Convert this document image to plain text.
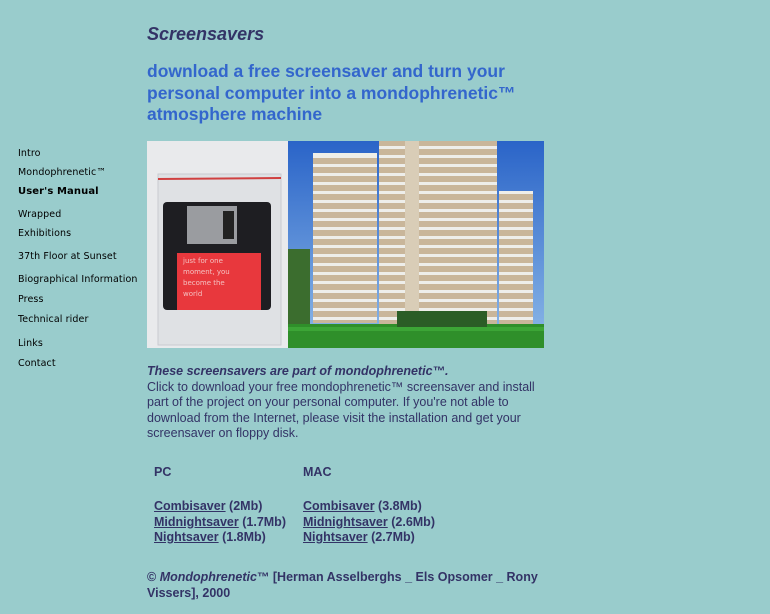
Intro
Mondophrenetic™
User's Manual
Wrapped
Exhibitions
37th Floor at Sunset
Biographical Information
Press
Technical rider
Links
Contact
Screensavers
download a free screensaver and turn your personal computer into a mondophrenetic™ atmosphere machine
just for one
moment, you
become the
world

These screensavers are part of mondophrenetic™.
Click to download your free mondophrenetic™ screensaver and install part of the project on your personal computer. If you're not able to download from the Internet, please visit the installation and get your screensaver on floppy disk.

PC
Combisaver (2Mb)
Midnightsaver (1.7Mb)
Nightsaver (1.8Mb)
MAC
Combisaver (3.8Mb)
Midnightsaver (2.6Mb)
Nightsaver (2.7Mb)

© Mondophrenetic™ [Herman Asselberghs _ Els Opsomer _ Rony Vissers], 2000
